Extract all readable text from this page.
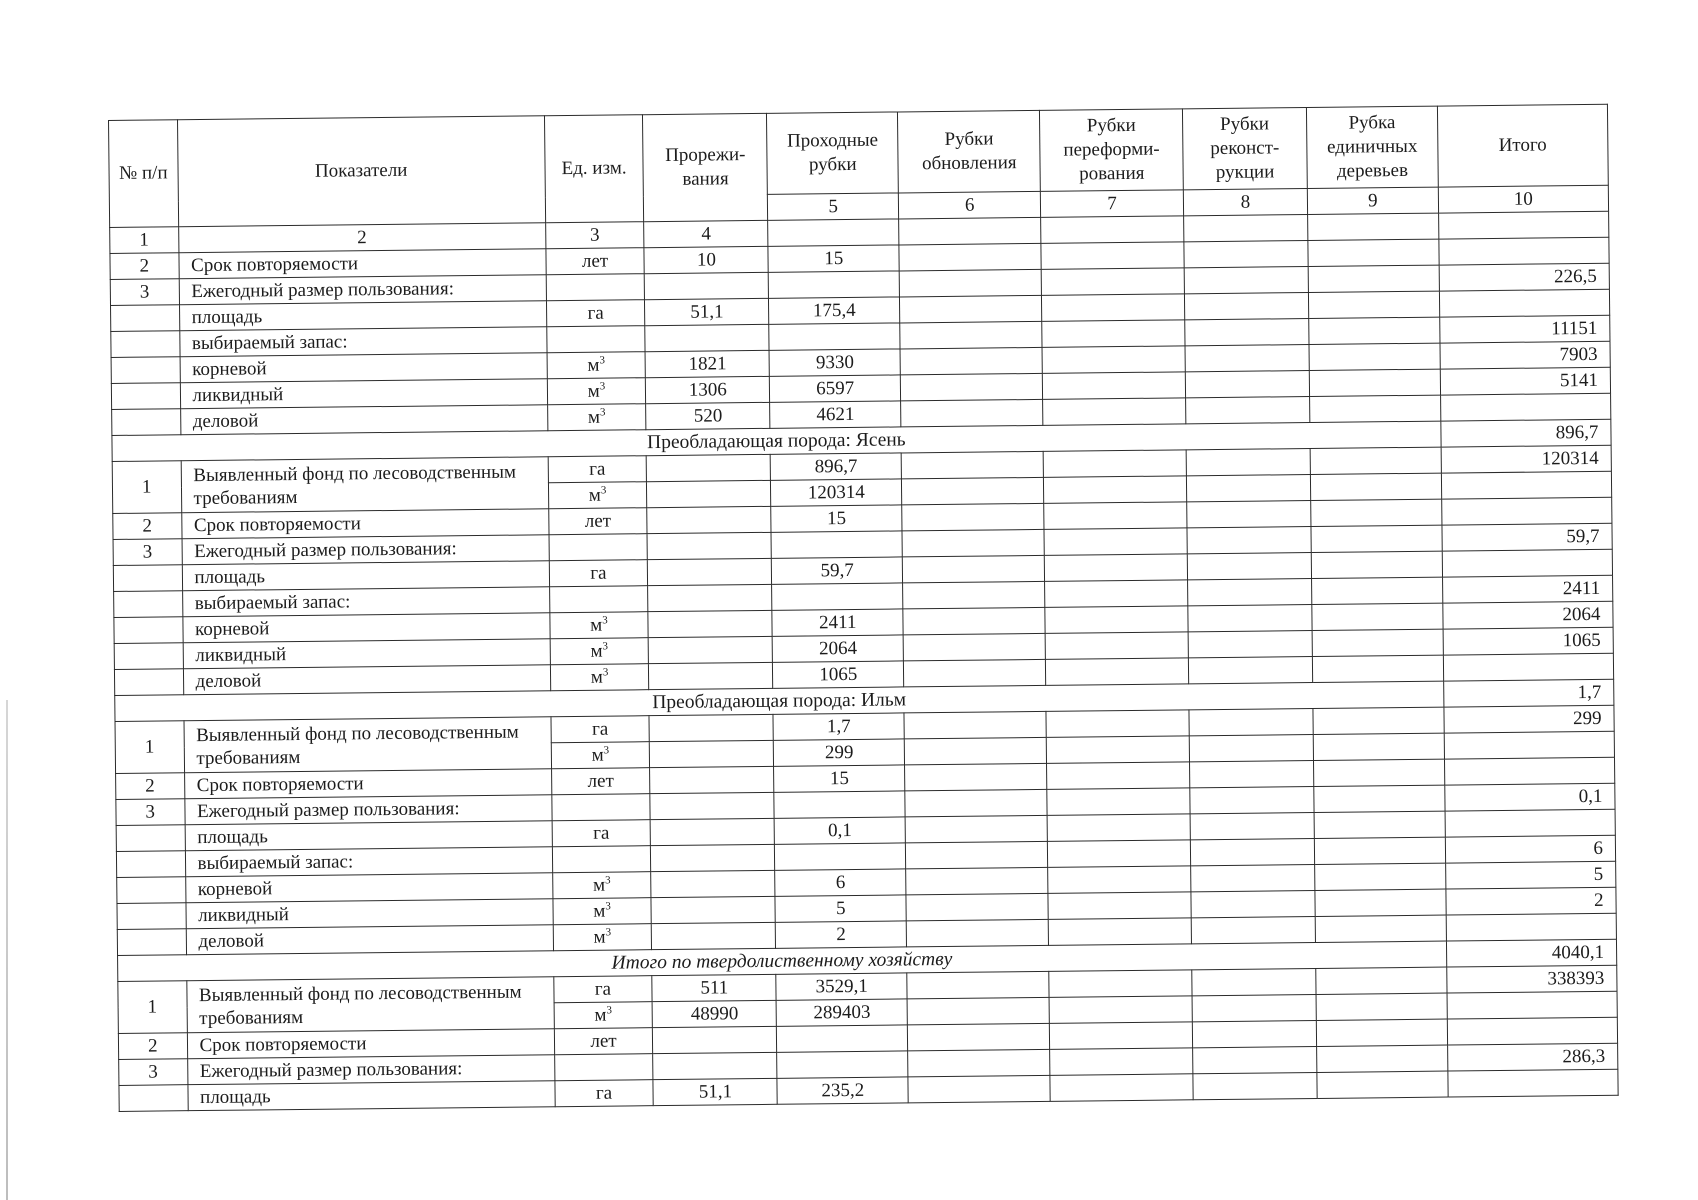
№ п/п	Показатели	Ед. изм.	Прорежи-вания	Проходные рубки	Рубки обновления	Рубки переформи-рования	Рубки реконст-рукции	Рубка единичных деревьев	Итого
				5	6	7	8	9	10
1	2	3	4						
2	Срок повторяемости	лет	10	15					
3	Ежегодный размер пользования:								226,5
	площадь	га	51,1	175,4					
	выбираемый запас:								11151
	корневой	$м^3$	1821	9330					7903
	ликвидный	$м^3$	1306	6597					5141
	деловой	$м^3$	520	4621					
Преобладающая порода: Ясень									896,7
1	Выявленный фонд по лесоводственным требованиям	га		896,7					120314
		$м^3$		120314					
2	Срок повторяемости	лет		15					
3	Ежегодный размер пользования:								59,7
	площадь	га		59,7					
	выбираемый запас:								2411
	корневой	$м^3$		2411					2064
	ликвидный	$м^3$		2064					1065
	деловой	$м^3$		1065					
Преобладающая порода: Ильм									1,7
1	Выявленный фонд по лесоводственным требованиям	га		1,7					299
		$м^3$		299					
2	Срок повторяемости	лет		15					
3	Ежегодный размер пользования:								0,1
	площадь	га		0,1					
	выбираемый запас:								6
	корневой	$м^3$		6					5
	ликвидный	$м^3$		5					2
	деловой	$м^3$		2					
Итого по твердолиственному хозяйству									4040,1
1	Выявленный фонд по лесоводственным требованиям	га	511	3529,1					338393
		$м^3$	48990	289403					
2	Срок повторяемости	лет							
3	Ежегодный размер пользования:								286,3
	площадь	га	51,1	235,2					
